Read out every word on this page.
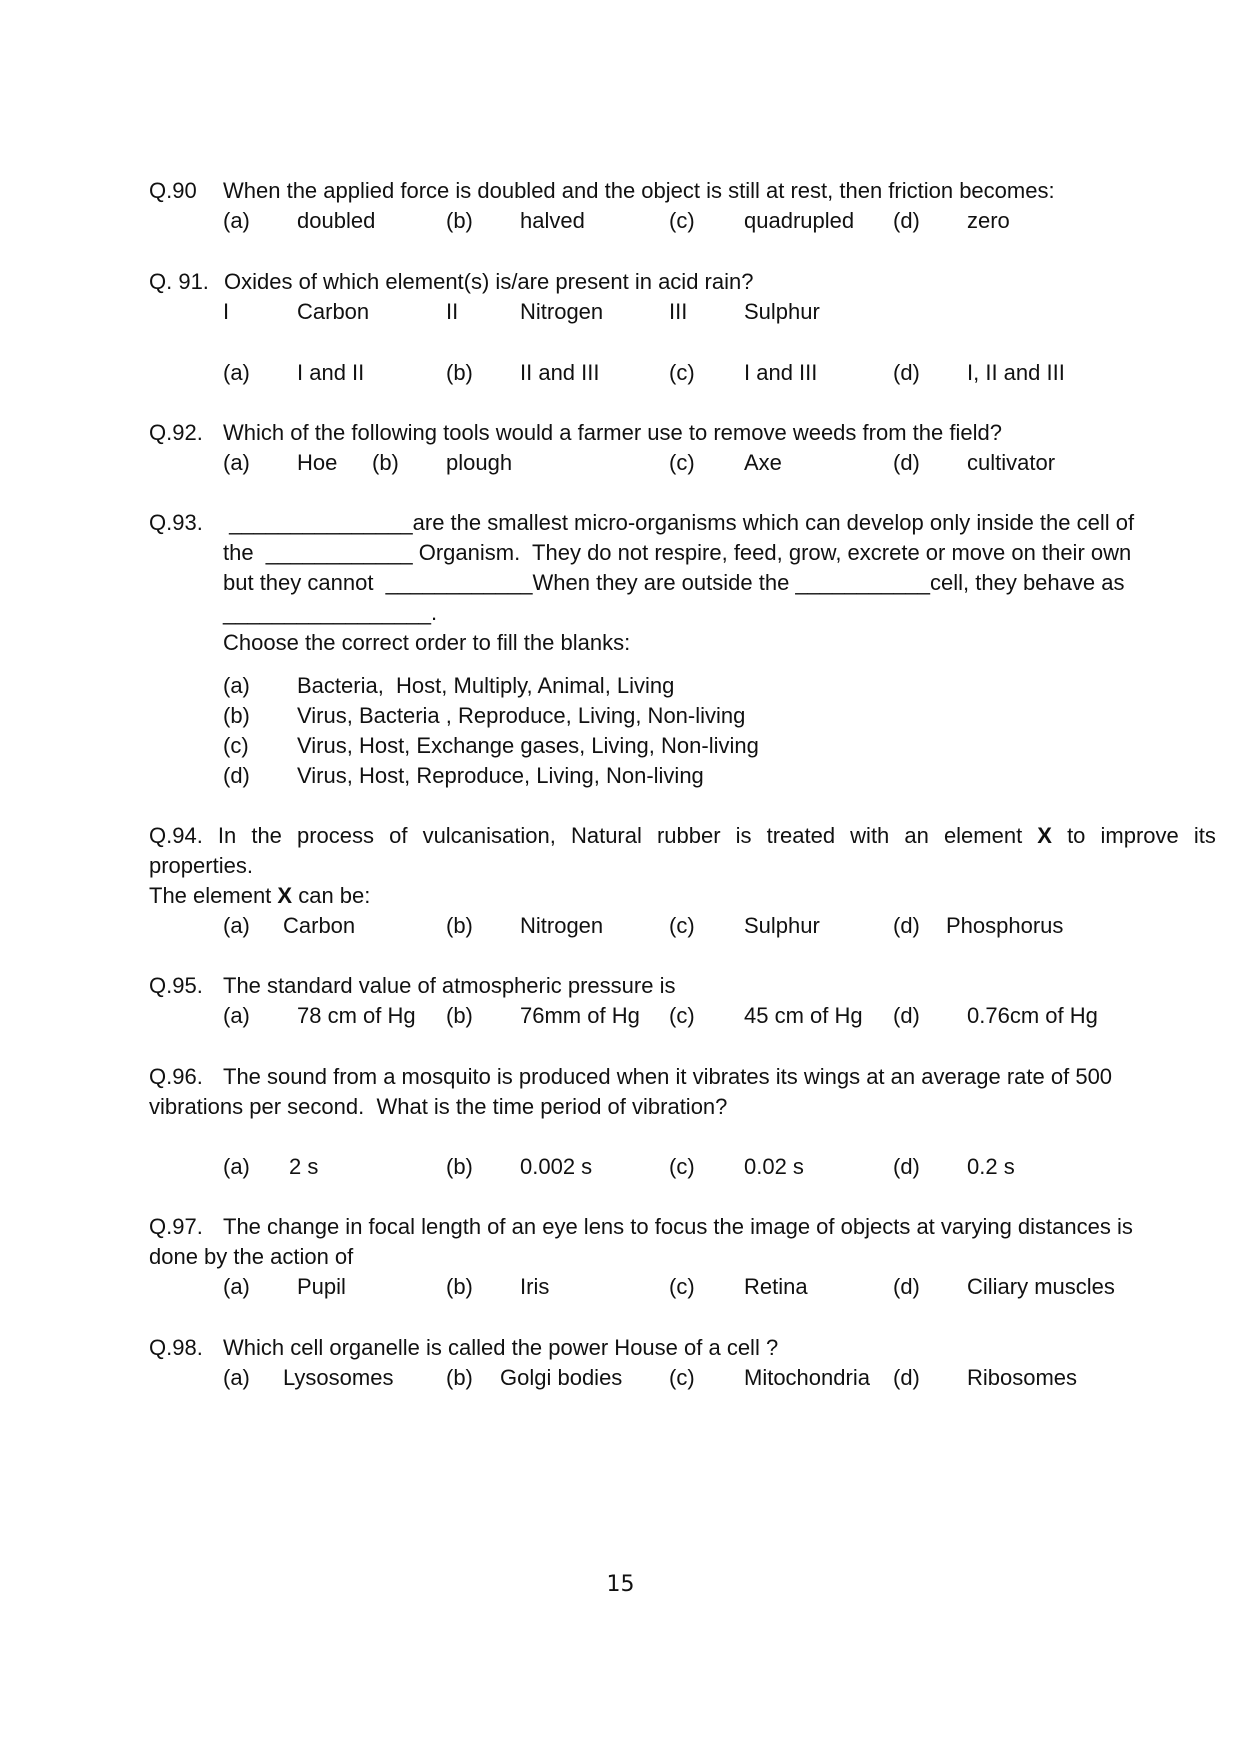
Q.90 When the applied force is doubled and the object is still at rest, then friction becomes:
(a) doubled	(b) halved	(c) quadrupled (d) zero
Q. 91. Oxides of which element(s) is/are present in acid rain?
I	Carbon	II	Nitrogen	III	Sulphur
(a) I and II	(b) II and III	(c) I and III	(d) I, II and III
Q.92. Which of the following tools would a farmer use to remove weeds from the field?
(a) Hoe (b) plough	(c) Axe	(d) cultivator
Q.93. _______________are the smallest micro-organisms which can develop only inside the cell of
the  ____________ Organism.  They do not respire, feed, grow, excrete or move on their own
but they cannot  ____________When they are outside the ___________cell, they behave as
_________________.
Choose the correct order to fill the blanks:
(a) Bacteria,  Host, Multiply, Animal, Living
(b) Virus, Bacteria , Reproduce, Living, Non-living
(c) Virus, Host, Exchange gases, Living, Non-living
(d) Virus, Host, Reproduce, Living, Non-living
Q.94. In the process of vulcanisation, Natural rubber is treated with an element X to improve its
properties.
The element X can be:
(a) Carbon	(b) Nitrogen	(c) Sulphur	(d) Phosphorus
Q.95. The standard value of atmospheric pressure is
(a) 78 cm of Hg (b) 76mm of Hg (c) 45 cm of Hg (d) 0.76cm of Hg
Q.96. The sound from a mosquito is produced when it vibrates its wings at an average rate of 500
vibrations per second.  What is the time period of vibration?
(a) 2 s	(b) 0.002 s	(c) 0.02 s	(d) 0.2 s
Q.97. The change in focal length of an eye lens to focus the image of objects at varying distances is
done by the action of
(a) Pupil	(b) Iris	(c) Retina	(d) Ciliary muscles
Q.98. Which cell organelle is called the power House of a cell ?
(a) Lysosomes (b) Golgi bodies (c) Mitochondria (d) Ribosomes
15
